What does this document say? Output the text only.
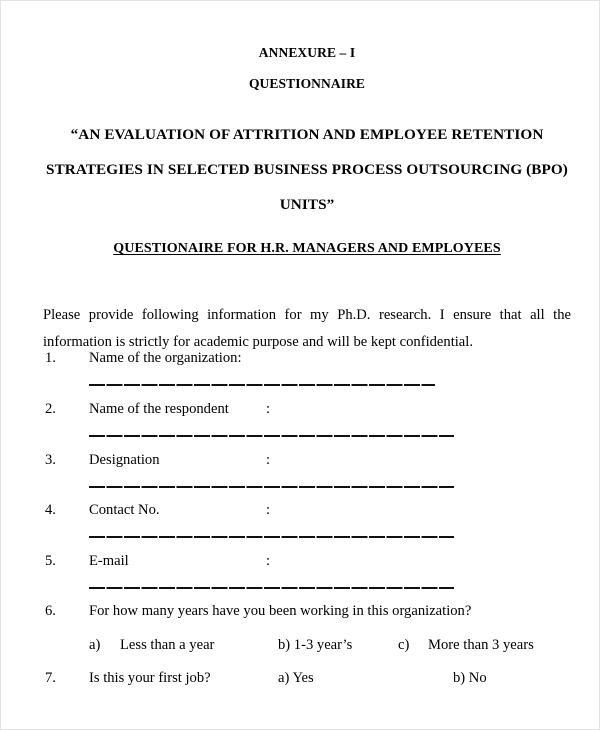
ANNEXURE – I
QUESTIONNAIRE
“AN EVALUATION OF ATTRITION AND EMPLOYEE RETENTION
STRATEGIES IN SELECTED BUSINESS PROCESS OUTSOURCING (BPO)
UNITS”
QUESTIONAIRE FOR H.R. MANAGERS AND EMPLOYEES

Please provide following information for my Ph.D. research. I ensure that all the information is strictly for academic purpose and will be kept confidential.

1. Name of the organization:
2. Name of the respondent	:
3. Designation	:
4. Contact No.	:
5. E-mail	:
6. For how many years have you been working in this organization?
a) Less than a year	b) 1-3 year’s	c) More than 3 years
7. Is this your first job?	a) Yes	b) No
